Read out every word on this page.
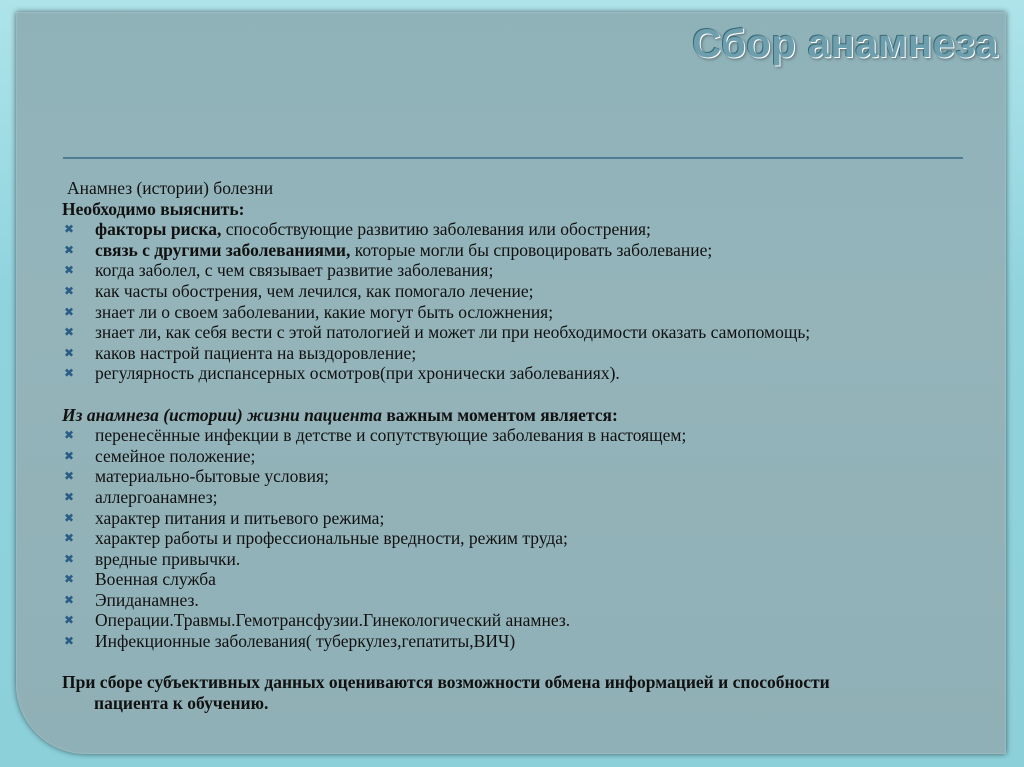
Сбор анамнеза

Анамнез (истории) болезни

Необходимо выяснить:

✖ факторы риска, способствующие развитию заболевания или обострения;
✖ связь с другими заболеваниями, которые могли бы спровоцировать заболевание;
✖ когда заболел, с чем связывает развитие заболевания;
✖ как часты обострения, чем лечился, как помогало лечение;
✖ знает ли о своем заболевании, какие могут быть осложнения;
✖ знает ли, как себя вести с этой патологией и может ли при необходимости оказать самопомощь;
✖ каков настрой пациента на выздоровление;
✖ регулярность диспансерных осмотров(при хронически заболеваниях).

Из анамнеза (истории) жизни пациента важным моментом является:

✖ перенесённые инфекции в детстве и сопутствующие заболевания в настоящем;
✖ семейное положение;
✖ материально-бытовые условия;
✖ аллергоанамнез;
✖ характер питания и питьевого режима;
✖ характер работы и профессиональные вредности, режим труда;
✖ вредные привычки.
✖ Военная служба
✖ Эпиданамнез.
✖ Операции.Травмы.Гемотрансфузии.Гинекологический анамнез.
✖ Инфекционные заболевания( туберкулез,гепатиты,ВИЧ)

При сборе субъективных данных оцениваются возможности обмена информацией и способности
пациента к обучению.
